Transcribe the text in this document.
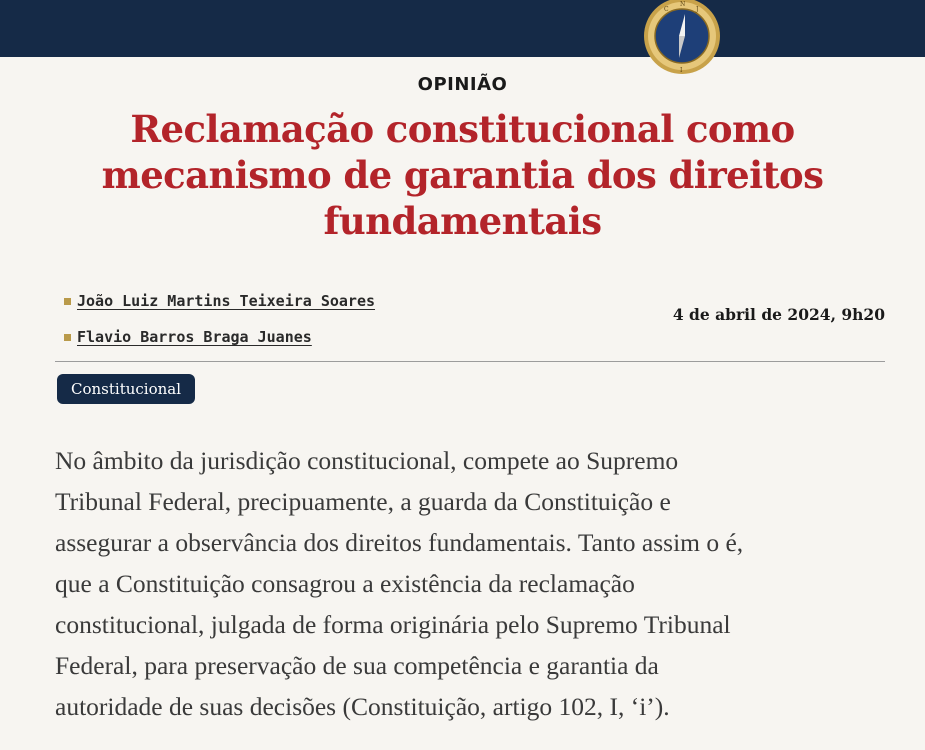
C
N
J
I
OPINIÃO
Reclamação constitucional como
mecanismo de garantia dos direitos
fundamentais
João Luiz Martins Teixeira Soares
Flavio Barros Braga Juanes
4 de abril de 2024, 9h20
Constitucional
No âmbito da jurisdição constitucional, compete ao Supremo
Tribunal Federal, precipuamente, a guarda da Constituição e
assegurar a observância dos direitos fundamentais. Tanto assim o é,
que a Constituição consagrou a existência da reclamação
constitucional, julgada de forma originária pelo Supremo Tribunal
Federal, para preservação de sua competência e garantia da
autoridade de suas decisões (Constituição, artigo 102, I, ‘i’).
